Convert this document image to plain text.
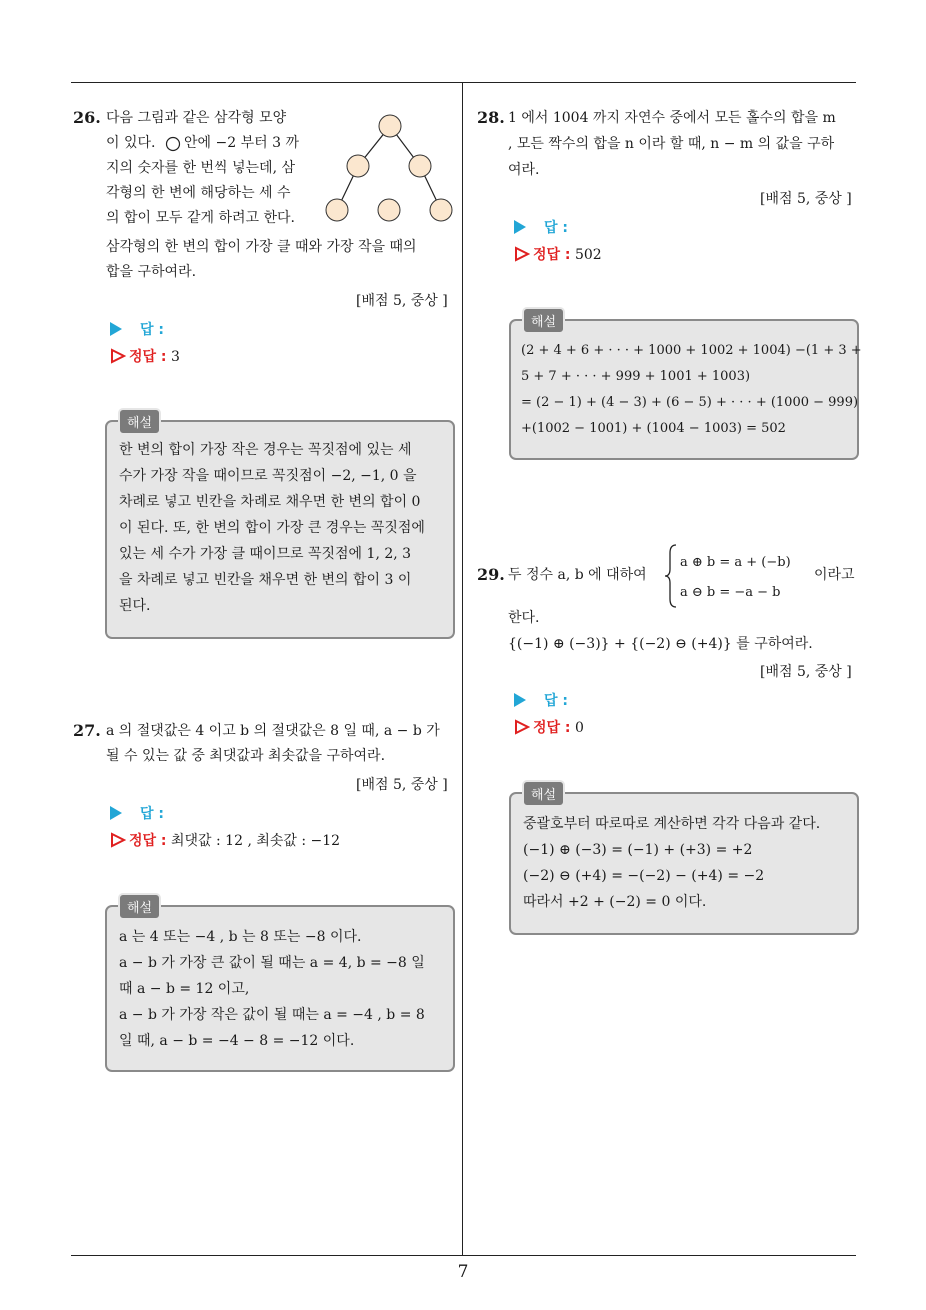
26. 다음 그림과 같은 삼각형 모양
이 있다. 안에 −2 부터 3 까
지의 숫자를 한 번씩 넣는데, 삼
각형의 한 변에 해당하는 세 수
의 합이 모두 같게 하려고 한다.
삼각형의 한 변의 합이 가장 클 때와 가장 작을 때의
합을 구하여라.
[배점 5, 중상 ]
답 :
정답 : 3
한 변의 합이 가장 작은 경우는 꼭짓점에 있는 세
수가 가장 작을 때이므로 꼭짓점이 −2, −1, 0 을
차례로 넣고 빈칸을 차례로 채우면 한 변의 합이 0
이 된다. 또, 한 변의 합이 가장 큰 경우는 꼭짓점에
있는 세 수가 가장 클 때이므로 꼭짓점에 1, 2, 3
을 차례로 넣고 빈칸을 채우면 한 변의 합이 3 이
된다.
해설
27. a 의 절댓값은 4 이고 b 의 절댓값은 8 일 때, a − b 가
될 수 있는 값 중 최댓값과 최솟값을 구하여라.
[배점 5, 중상 ]
답 :
정답 : 최댓값 : 12 , 최솟값 : −12
a 는 4 또는 −4 , b 는 8 또는 −8 이다.
a − b 가 가장 큰 값이 될 때는 a = 4, b = −8 일
때 a − b = 12 이고,
a − b 가 가장 작은 값이 될 때는 a = −4 , b = 8
일 때, a − b = −4 − 8 = −12 이다.
해설
28. 1 에서 1004 까지 자연수 중에서 모든 홀수의 합을 m
, 모든 짝수의 합을 n 이라 할 때, n − m 의 값을 구하
여라.
[배점 5, 중상 ]
답 :
정답 : 502
(2 + 4 + 6 + · · · + 1000 + 1002 + 1004) −(1 + 3 +
5 + 7 + · · · + 999 + 1001 + 1003)
= (2 − 1) + (4 − 3) + (6 − 5) + · · · + (1000 − 999)
+(1002 − 1001) + (1004 − 1003) = 502
해설
29. 두 정수 a, b 에 대하여
a ⊕ b = a + (−b)
a ⊖ b = −a − b
이라고
한다.
{(−1) ⊕ (−3)} + {(−2) ⊖ (+4)} 를 구하여라.
[배점 5, 중상 ]
답 :
정답 : 0
중괄호부터 따로따로 계산하면 각각 다음과 같다.
(−1) ⊕ (−3) = (−1) + (+3) = +2
(−2) ⊖ (+4) = −(−2) − (+4) = −2
따라서 +2 + (−2) = 0 이다.
해설
7
